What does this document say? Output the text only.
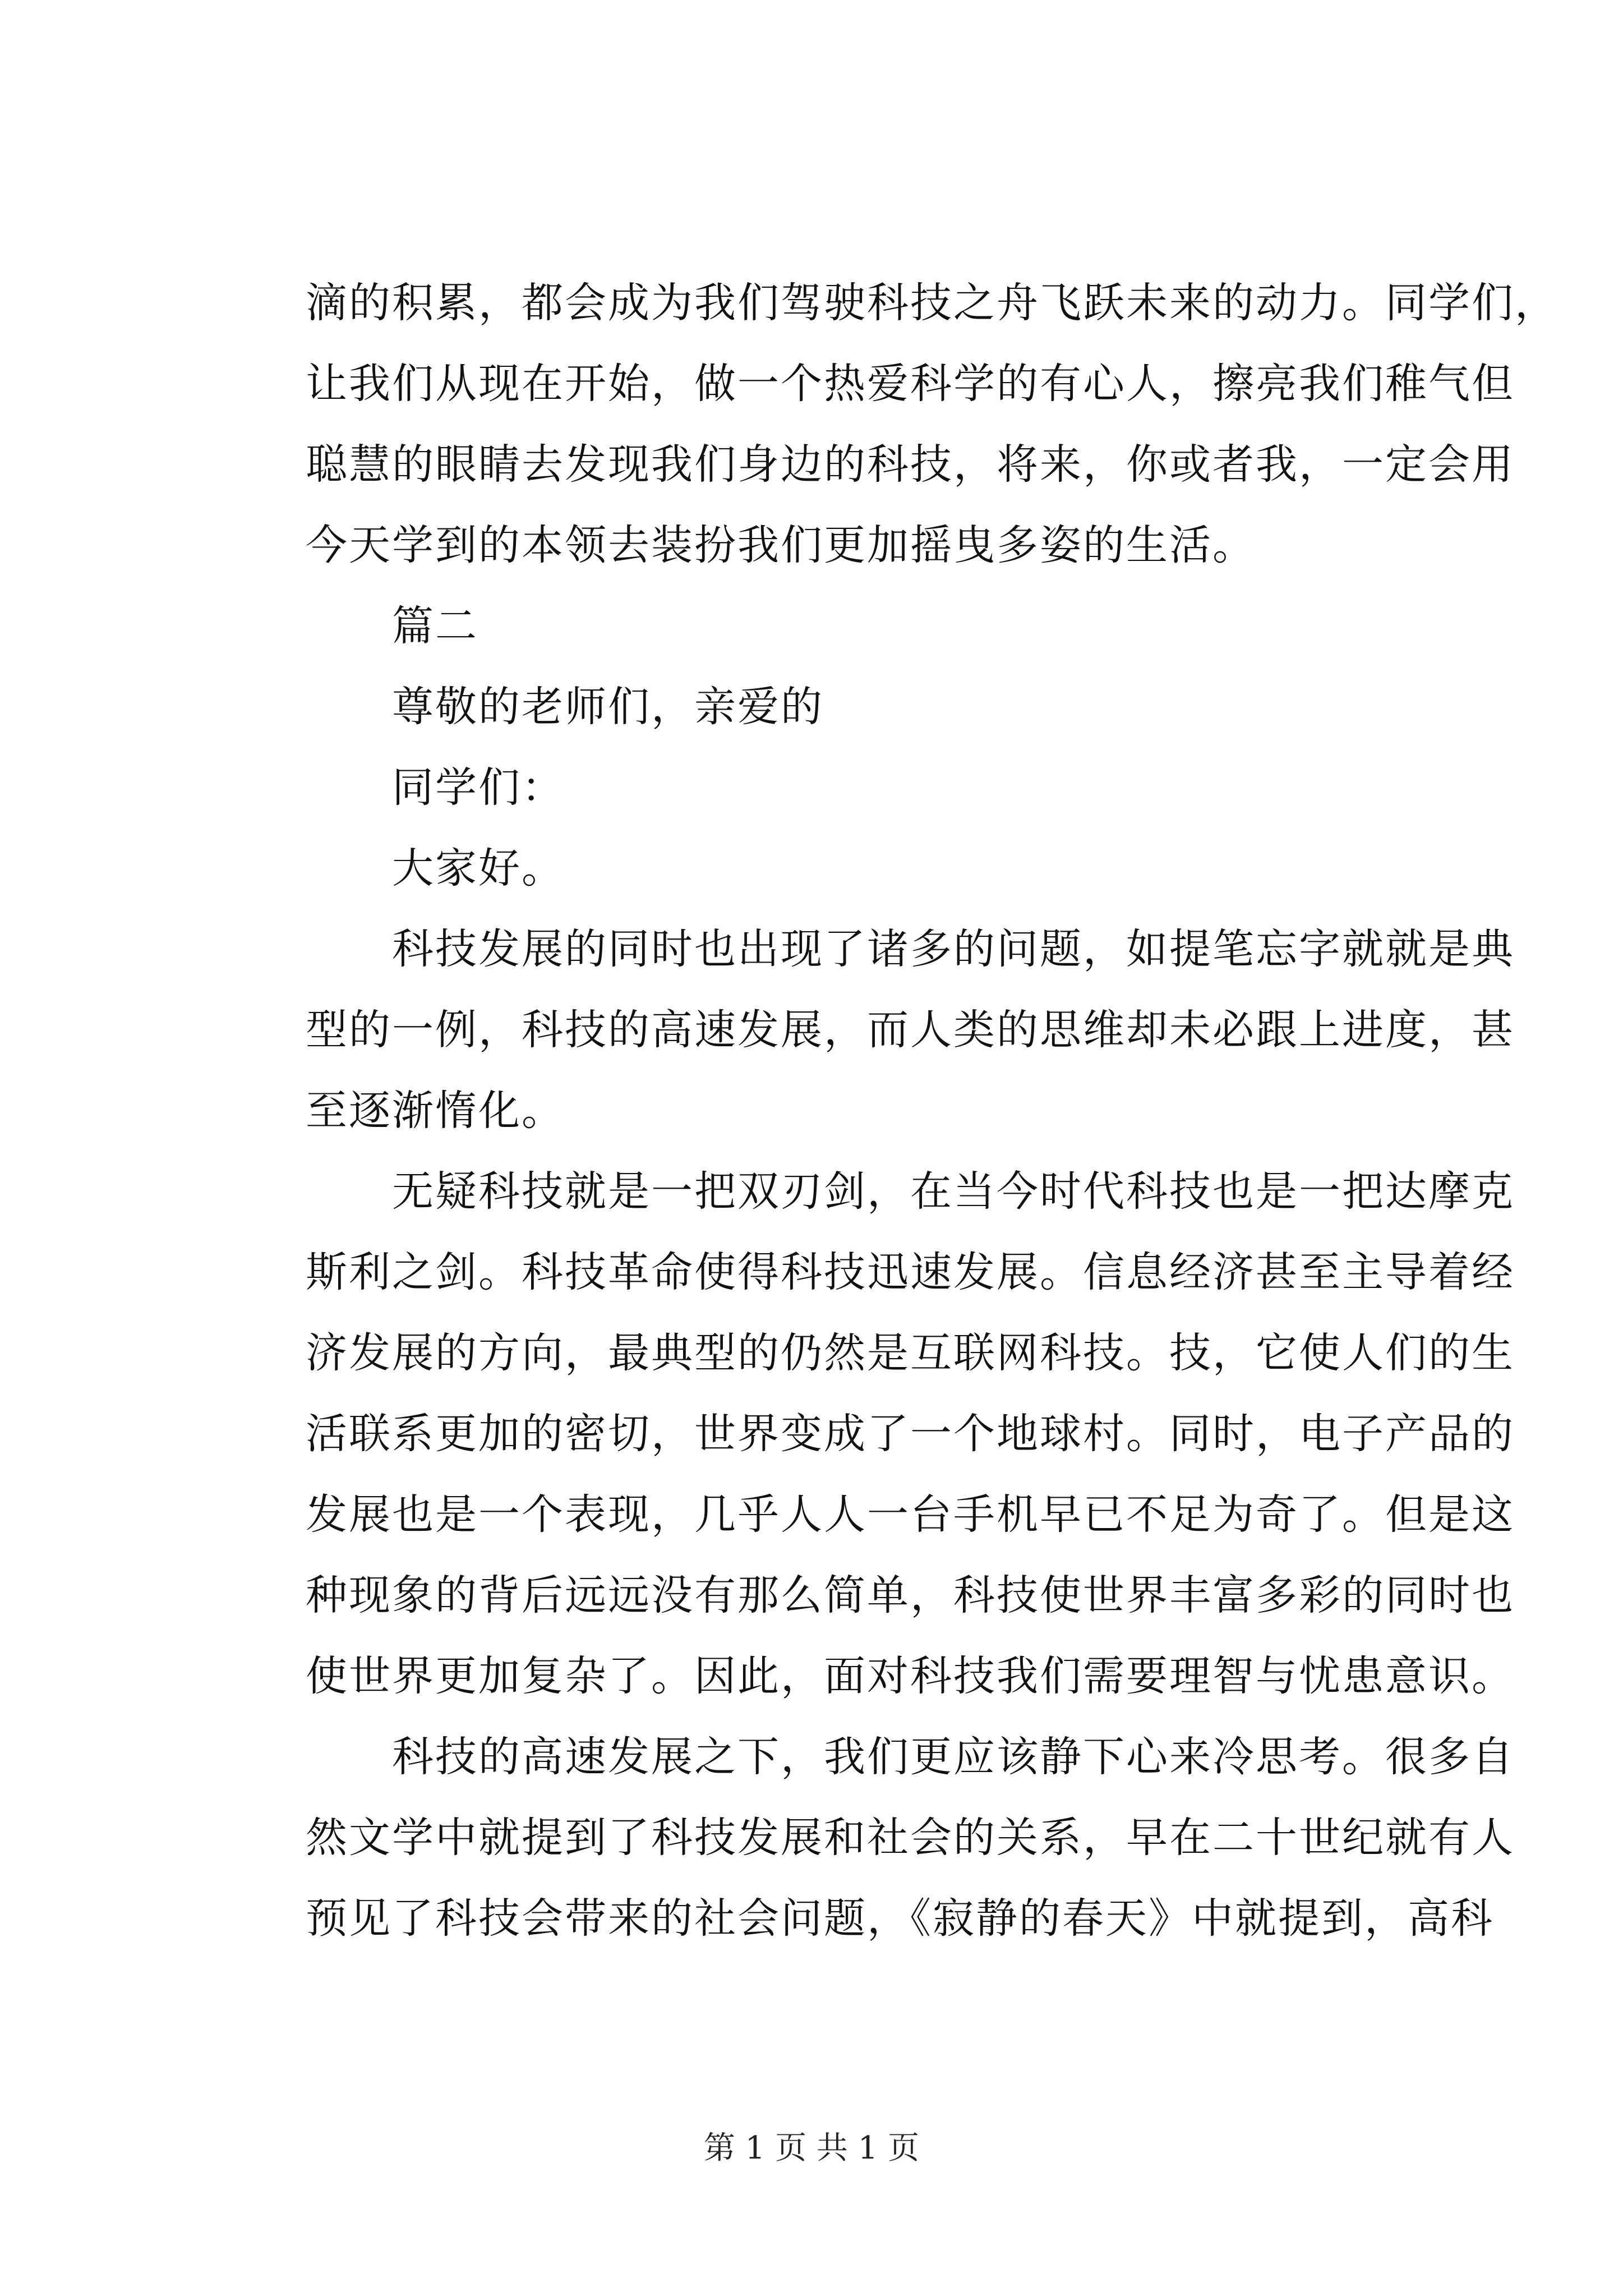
滴的积累，都会成为我们驾驶科技之舟飞跃未来的动力。同学们，
让我们从现在开始，做一个热爱科学的有心人，擦亮我们稚气但
聪慧的眼睛去发现我们身边的科技，将来，你或者我，一定会用
今天学到的本领去装扮我们更加摇曳多姿的生活。
　　篇二
　　尊敬的老师们，亲爱的
　　同学们：
　　大家好。
　　科技发展的同时也出现了诸多的问题，如提笔忘字就就是典
型的一例，科技的高速发展，而人类的思维却未必跟上进度，甚
至逐渐惰化。
　　无疑科技就是一把双刃剑，在当今时代科技也是一把达摩克
斯利之剑。科技革命使得科技迅速发展。信息经济甚至主导着经
济发展的方向，最典型的仍然是互联网科技。技，它使人们的生
活联系更加的密切，世界变成了一个地球村。同时，电子产品的
发展也是一个表现，几乎人人一台手机早已不足为奇了。但是这
种现象的背后远远没有那么简单，科技使世界丰富多彩的同时也
使世界更加复杂了。因此，面对科技我们需要理智与忧患意识。
　　科技的高速发展之下，我们更应该静下心来冷思考。很多自
然文学中就提到了科技发展和社会的关系，早在二十世纪就有人
预见了科技会带来的社会问题，《寂静的春天》中就提到，高科
第 1 页 共 1 页
